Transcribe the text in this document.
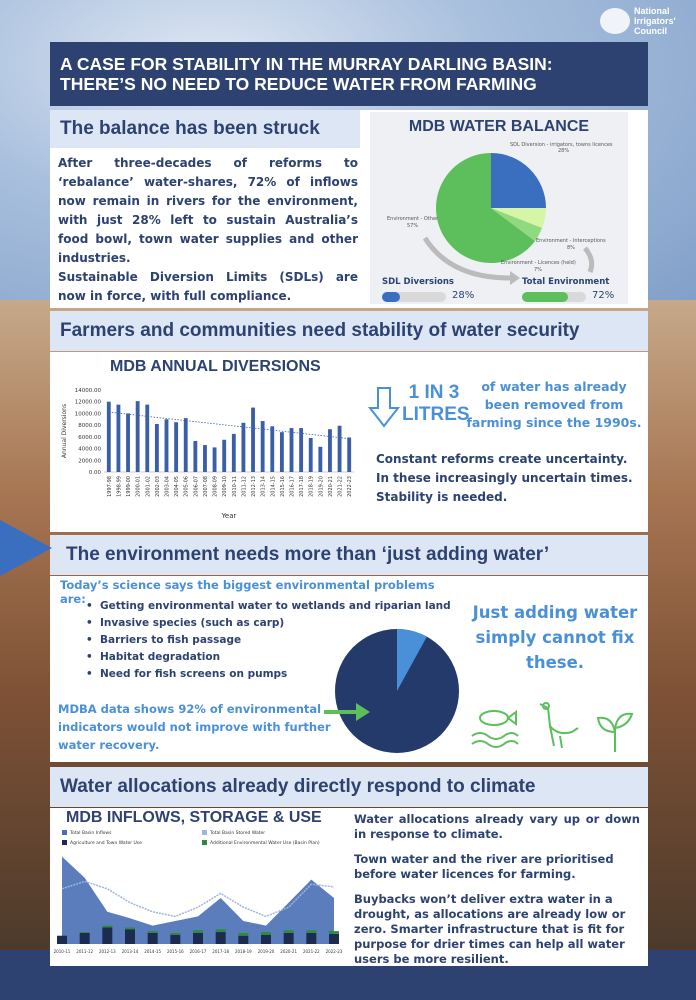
National Irrigators' Council
A CASE FOR STABILITY IN THE MURRAY DARLING BASIN:
THERE’S NO NEED TO REDUCE WATER FROM FARMING
The balance has been struck
After three-decades of reforms to ‘rebalance’ water-shares, 72% of inflows now remain in rivers for the environment, with just 28% left to sustain Australia’s food bowl, town water supplies and other industries.
Sustainable Diversion Limits (SDLs) are now in force, with full compliance.
MDB WATER BALANCE
SDL Diversion - irrigators, towns licences
28%
Environment - Other
57%
Environment - Interceptions
8%
Environment - Licences (held)
7%
SDL Diversions
28%
Total Environment
72%
Farmers and communities need stability of water security
MDB ANNUAL DIVERSIONS
0.00
2000.00
4000.00
6000.00
8000.00
10000.00
12000.00
14000.00
1997-98 1998-99 1999-00 2000-01 2001-02 2002-03 2003-04 2004-05 2005-06 2006-07 2007-08 2008-09 2009-10 2010-11 2011-12 2012-13 2013-14 2014-15 2015-16 2016-17 2017-18 2018-19 2019-20 2020-21 2021-22 2022-23
Annual Diversions
Year
1 IN 3
LITRES
of water has already been removed from farming since the 1990s.
Constant reforms create uncertainty. In these increasingly uncertain times. Stability is needed.
The environment needs more than ‘just adding water’
Today’s science says the biggest environmental problems are:
•	Getting environmental water to wetlands and riparian land
• Invasive species (such as carp)
• Barriers to fish passage
• Habitat degradation
• Need for fish screens on pumps
Just adding water simply cannot fix these.
MDBA data shows 92% of environmental indicators would not improve with further water recovery.
Water allocations already directly respond to climate
MDB INFLOWS, STORAGE & USE
Total Basin Inflows	Total Basin Stored Water
Agriculture and Town Water Use	Additional Environmental Water Use (Basin Plan)
2010-11 2011-12 2012-13 2013-14 2014-15 2015-16 2016-17 2017-18 2018-19 2019-20 2020-21 2021-22 2022-23
Water allocations already vary up or down in response to climate.
Town water and the river are prioritised before water licences for farming.
Buybacks won’t deliver extra water in a drought, as allocations are already low or zero. Smarter infrastructure that is fit for purpose for drier times can help all water users be more resilient.
